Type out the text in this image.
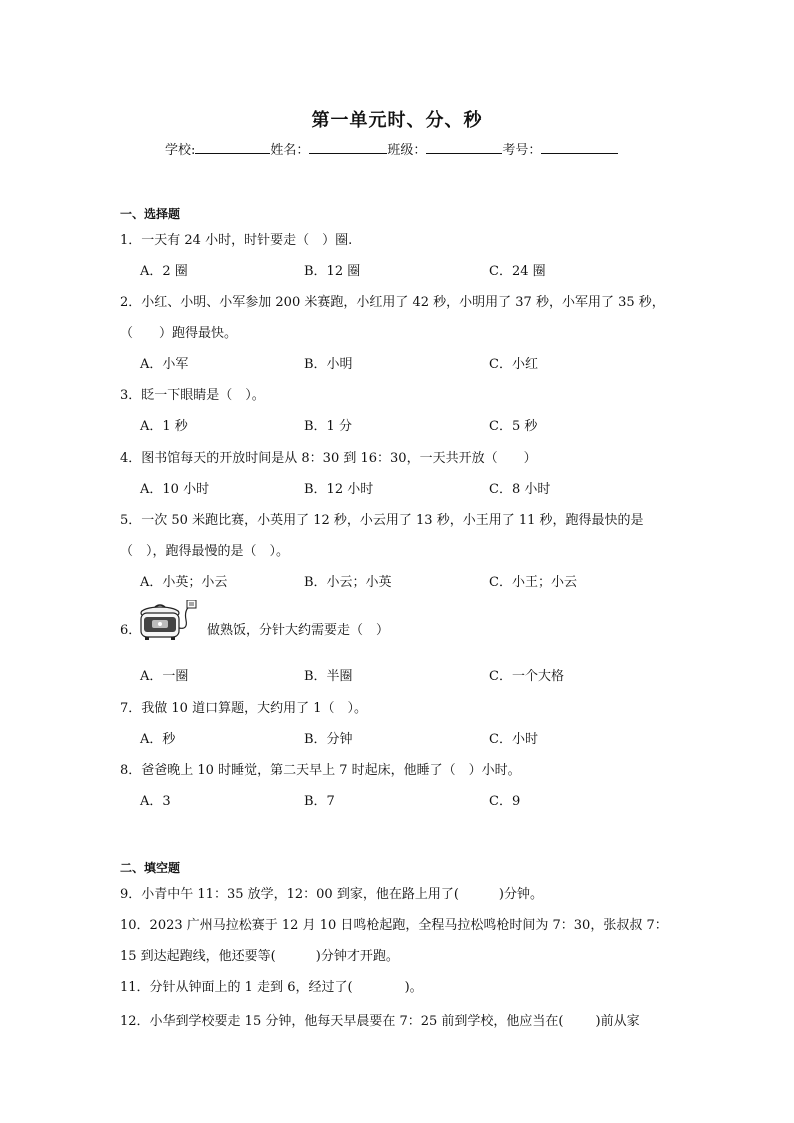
第一单元时、分、秒
学校:	姓名：	班级：	考号：
一、选择题
1．一天有 24 小时，时针要走（　）圈.
A．2 圈	B．12 圈	C．24 圈
2．小红、小明、小军参加 200 米赛跑，小红用了 42 秒，小明用了 37 秒，小军用了 35 秒，
（　　）跑得最快。
A．小军	B．小明	C．小红
3．眨一下眼睛是（　）。
A．1 秒	B．1 分	C．5 秒
4．图书馆每天的开放时间是从 8：30 到 16：30，一天共开放（　　）
A．10 小时	B．12 小时	C．8 小时
5．一次 50 米跑比赛，小英用了 12 秒，小云用了 13 秒，小王用了 11 秒，跑得最快的是
（　），跑得最慢的是（　）。
A．小英；小云	B．小云；小英	C．小王；小云
6．	做熟饭，分针大约需要走（　）
A．一圈	B．半圈	C．一个大格
7．我做 10 道口算题，大约用了 1（　）。
A．秒	B．分钟	C．小时
8．爸爸晚上 10 时睡觉，第二天早上 7 时起床，他睡了（　）小时。
A．3	B．7	C．9
二、填空题
9．小青中午 11：35 放学，12：00 到家，他在路上用了(	)分钟。
10．2023 广州马拉松赛于 12 月 10 日鸣枪起跑，全程马拉松鸣枪时间为 7：30，张叔叔 7：
15 到达起跑线，他还要等(	)分钟才开跑。
11．分针从钟面上的 1 走到 6，经过了(	)。
12．小华到学校要走 15 分钟，他每天早晨要在 7：25 前到学校，他应当在( )前从家
